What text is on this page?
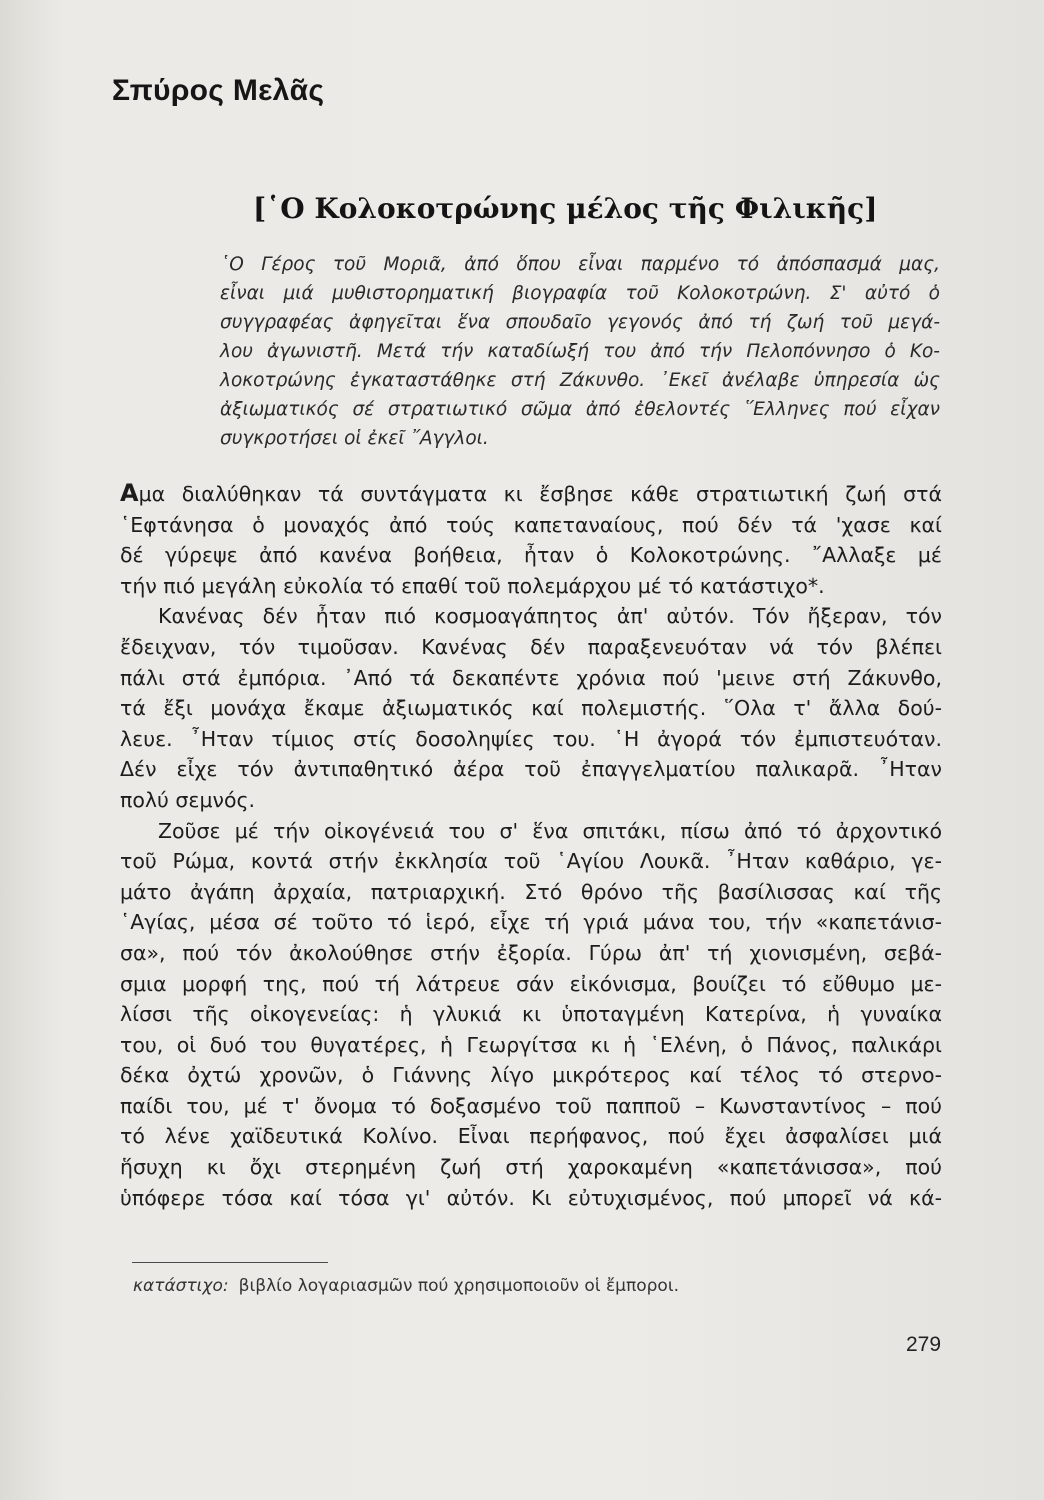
Σπύρος Μελᾶς
[῾Ο Κολοκοτρώνης μέλος τῆς Φιλικῆς]
῾Ο Γέρος τοῦ Μοριᾶ, ἀπό ὅπου εἶναι παρμένο τό ἀπόσπασμά μας,
εἶναι μιά μυθιστορηματική βιογραφία τοῦ Κολοκοτρώνη. Σ' αὐτό ὁ
συγγραφέας ἀφηγεῖται ἕνα σπουδαῖο γεγονός ἀπό τή ζωή τοῦ μεγά-
λου ἀγωνιστῆ. Μετά τήν καταδίωξή του ἀπό τήν Πελοπόννησο ὁ Κο-
λοκοτρώνης ἐγκαταστάθηκε στή Ζάκυνθο. ᾿Εκεῖ ἀνέλαβε ὑπηρεσία ὡς
ἀξιωματικός σέ στρατιωτικό σῶμα ἀπό ἐθελοντές ῞Ελληνες πού εἶχαν
συγκροτήσει οἱ ἐκεῖ ῎Αγγλοι.
Αμα διαλύθηκαν τά συντάγματα κι ἔσβησε κάθε στρατιωτική ζωή στά
῾Εφτάνησα ὁ μοναχός ἀπό τούς καπεταναίους, πού δέν τά 'χασε καί
δέ γύρεψε ἀπό κανένα βοήθεια, ἦταν ὁ Κολοκοτρώνης. ῎Αλλαξε μέ
τήν πιό μεγάλη εὐκολία τό επαθί τοῦ πολεμάρχου μέ τό κατάστιχο*.
Κανένας δέν ἦταν πιό κοσμοαγάπητος ἀπ' αὐτόν. Τόν ἤξεραν, τόν
ἔδειχναν, τόν τιμοῦσαν. Κανένας δέν παραξενευόταν νά τόν βλέπει
πάλι στά ἐμπόρια. ᾿Από τά δεκαπέντε χρόνια πού 'μεινε στή Ζάκυνθο,
τά ἔξι μονάχα ἔκαμε ἀξιωματικός καί πολεμιστής. ῞Ολα τ' ἄλλα δού-
λευε. ῏Ηταν τίμιος στίς δοσοληψίες του. ῾Η ἀγορά τόν ἐμπιστευόταν.
Δέν εἶχε τόν ἀντιπαθητικό ἀέρα τοῦ ἐπαγγελματίου παλικαρᾶ. ῏Ηταν
πολύ σεμνός.
Ζοῦσε μέ τήν οἰκογένειά του σ' ἕνα σπιτάκι, πίσω ἀπό τό ἀρχοντικό
τοῦ Ρώμα, κοντά στήν ἐκκλησία τοῦ ῾Αγίου Λουκᾶ. ῏Ηταν καθάριο, γε-
μάτο ἀγάπη ἀρχαία, πατριαρχική. Στό θρόνο τῆς βασίλισσας καί τῆς
῾Αγίας, μέσα σέ τοῦτο τό ἱερό, εἶχε τή γριά μάνα του, τήν «καπετάνισ-
σα», πού τόν ἀκολούθησε στήν ἐξορία. Γύρω ἀπ' τή χιονισμένη, σεβά-
σμια μορφή της, πού τή λάτρευε σάν εἰκόνισμα, βουίζει τό εὔθυμο με-
λίσσι τῆς οἰκογενείας: ἡ γλυκιά κι ὑποταγμένη Κατερίνα, ἡ γυναίκα
του, οἱ δυό του θυγατέρες, ἡ Γεωργίτσα κι ἡ ῾Ελένη, ὁ Πάνος, παλικάρι
δέκα ὀχτώ χρονῶν, ὁ Γιάννης λίγο μικρότερος καί τέλος τό στερνο-
παίδι του, μέ τ' ὄνομα τό δοξασμένο τοῦ παπποῦ – Κωνσταντίνος – πού
τό λένε χαϊδευτικά Κολίνο. Εἶναι περήφανος, πού ἔχει ἀσφαλίσει μιά
ἥσυχη κι ὄχι στερημένη ζωή στή χαροκαμένη «καπετάνισσα», πού
ὑπόφερε τόσα καί τόσα γι' αὐτόν. Κι εὐτυχισμένος, πού μπορεῖ νά κά-
κατάστιχο: βιβλίο λογαριασμῶν πού χρησιμοποιοῦν οἱ ἔμποροι.
279
